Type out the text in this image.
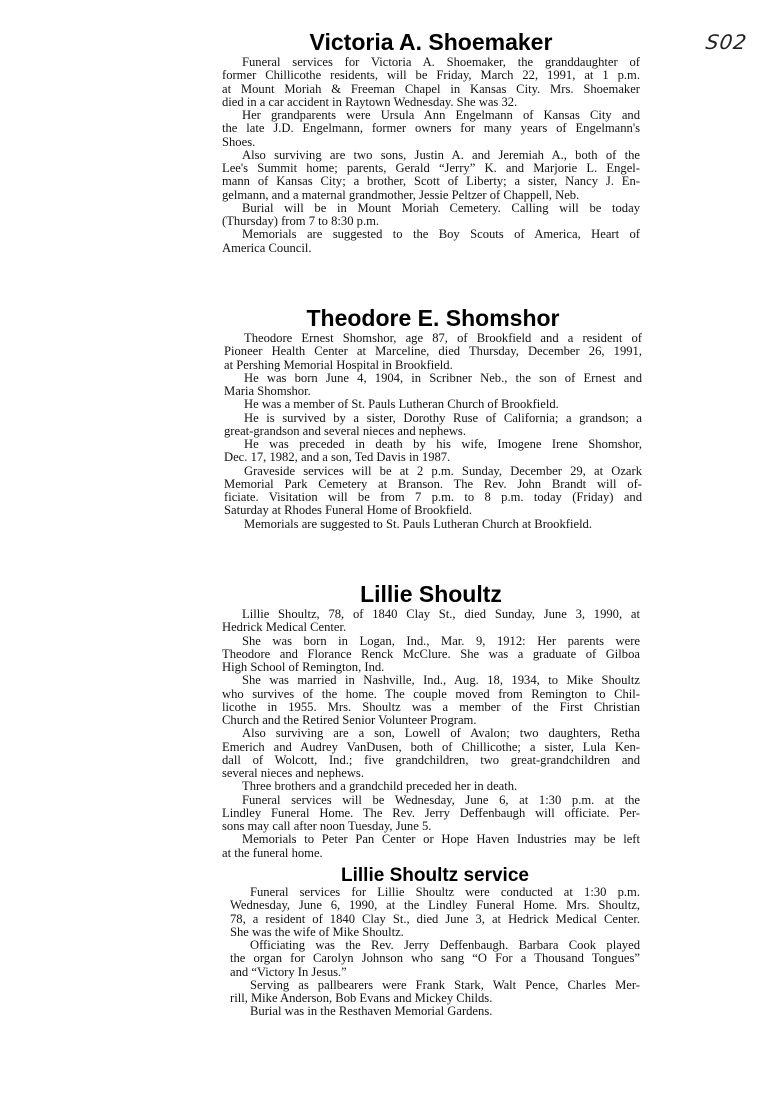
S02
Victoria A. Shoemaker
Funeral services for Victoria A. Shoemaker, the granddaughter of
former Chillicothe residents, will be Friday, March 22, 1991, at 1 p.m.
at Mount Moriah & Freeman Chapel in Kansas City. Mrs. Shoemaker
died in a car accident in Raytown Wednesday. She was 32.
Her grandparents were Ursula Ann Engelmann of Kansas City and
the late J.D. Engelmann, former owners for many years of Engelmann's
Shoes.
Also surviving are two sons, Justin A. and Jeremiah A., both of the
Lee's Summit home; parents, Gerald “Jerry” K. and Marjorie L. Engel-
mann of Kansas City; a brother, Scott of Liberty; a sister, Nancy J. En-
gelmann, and a maternal grandmother, Jessie Peltzer of Chappell, Neb.
Burial will be in Mount Moriah Cemetery. Calling will be today
(Thursday) from 7 to 8:30 p.m.
Memorials are suggested to the Boy Scouts of America, Heart of
America Council.
Theodore E. Shomshor
Theodore Ernest Shomshor, age 87, of Brookfield and a resident of
Pioneer Health Center at Marceline, died Thursday, December 26, 1991,
at Pershing Memorial Hospital in Brookfield.
He was born June 4, 1904, in Scribner Neb., the son of Ernest and
Maria Shomshor.
He was a member of St. Pauls Lutheran Church of Brookfield.
He is survived by a sister, Dorothy Ruse of California; a grandson; a
great-grandson and several nieces and nephews.
He was preceded in death by his wife, Imogene Irene Shomshor,
Dec. 17, 1982, and a son, Ted Davis in 1987.
Graveside services will be at 2 p.m. Sunday, December 29, at Ozark
Memorial Park Cemetery at Branson. The Rev. John Brandt will of-
ficiate. Visitation will be from 7 p.m. to 8 p.m. today (Friday) and
Saturday at Rhodes Funeral Home of Brookfield.
Memorials are suggested to St. Pauls Lutheran Church at Brookfield.
Lillie Shoultz
Lillie Shoultz, 78, of 1840 Clay St., died Sunday, June 3, 1990, at
Hedrick Medical Center.
She was born in Logan, Ind., Mar. 9, 1912: Her parents were
Theodore and Florance Renck McClure. She was a graduate of Gilboa
High School of Remington, Ind.
She was married in Nashville, Ind., Aug. 18, 1934, to Mike Shoultz
who survives of the home. The couple moved from Remington to Chil-
licothe in 1955. Mrs. Shoultz was a member of the First Christian
Church and the Retired Senior Volunteer Program.
Also surviving are a son, Lowell of Avalon; two daughters, Retha
Emerich and Audrey VanDusen, both of Chillicothe; a sister, Lula Ken-
dall of Wolcott, Ind.; five grandchildren, two great-grandchildren and
several nieces and nephews.
Three brothers and a grandchild preceded her in death.
Funeral services will be Wednesday, June 6, at 1:30 p.m. at the
Lindley Funeral Home. The Rev. Jerry Deffenbaugh will officiate. Per-
sons may call after noon Tuesday, June 5.
Memorials to Peter Pan Center or Hope Haven Industries may be left
at the funeral home.
Lillie Shoultz service
Funeral services for Lillie Shoultz were conducted at 1:30 p.m.
Wednesday, June 6, 1990, at the Lindley Funeral Home. Mrs. Shoultz,
78, a resident of 1840 Clay St., died June 3, at Hedrick Medical Center.
She was the wife of Mike Shoultz.
Officiating was the Rev. Jerry Deffenbaugh. Barbara Cook played
the organ for Carolyn Johnson who sang “O For a Thousand Tongues”
and “Victory In Jesus.”
Serving as pallbearers were Frank Stark, Walt Pence, Charles Mer-
rill, Mike Anderson, Bob Evans and Mickey Childs.
Burial was in the Resthaven Memorial Gardens.
